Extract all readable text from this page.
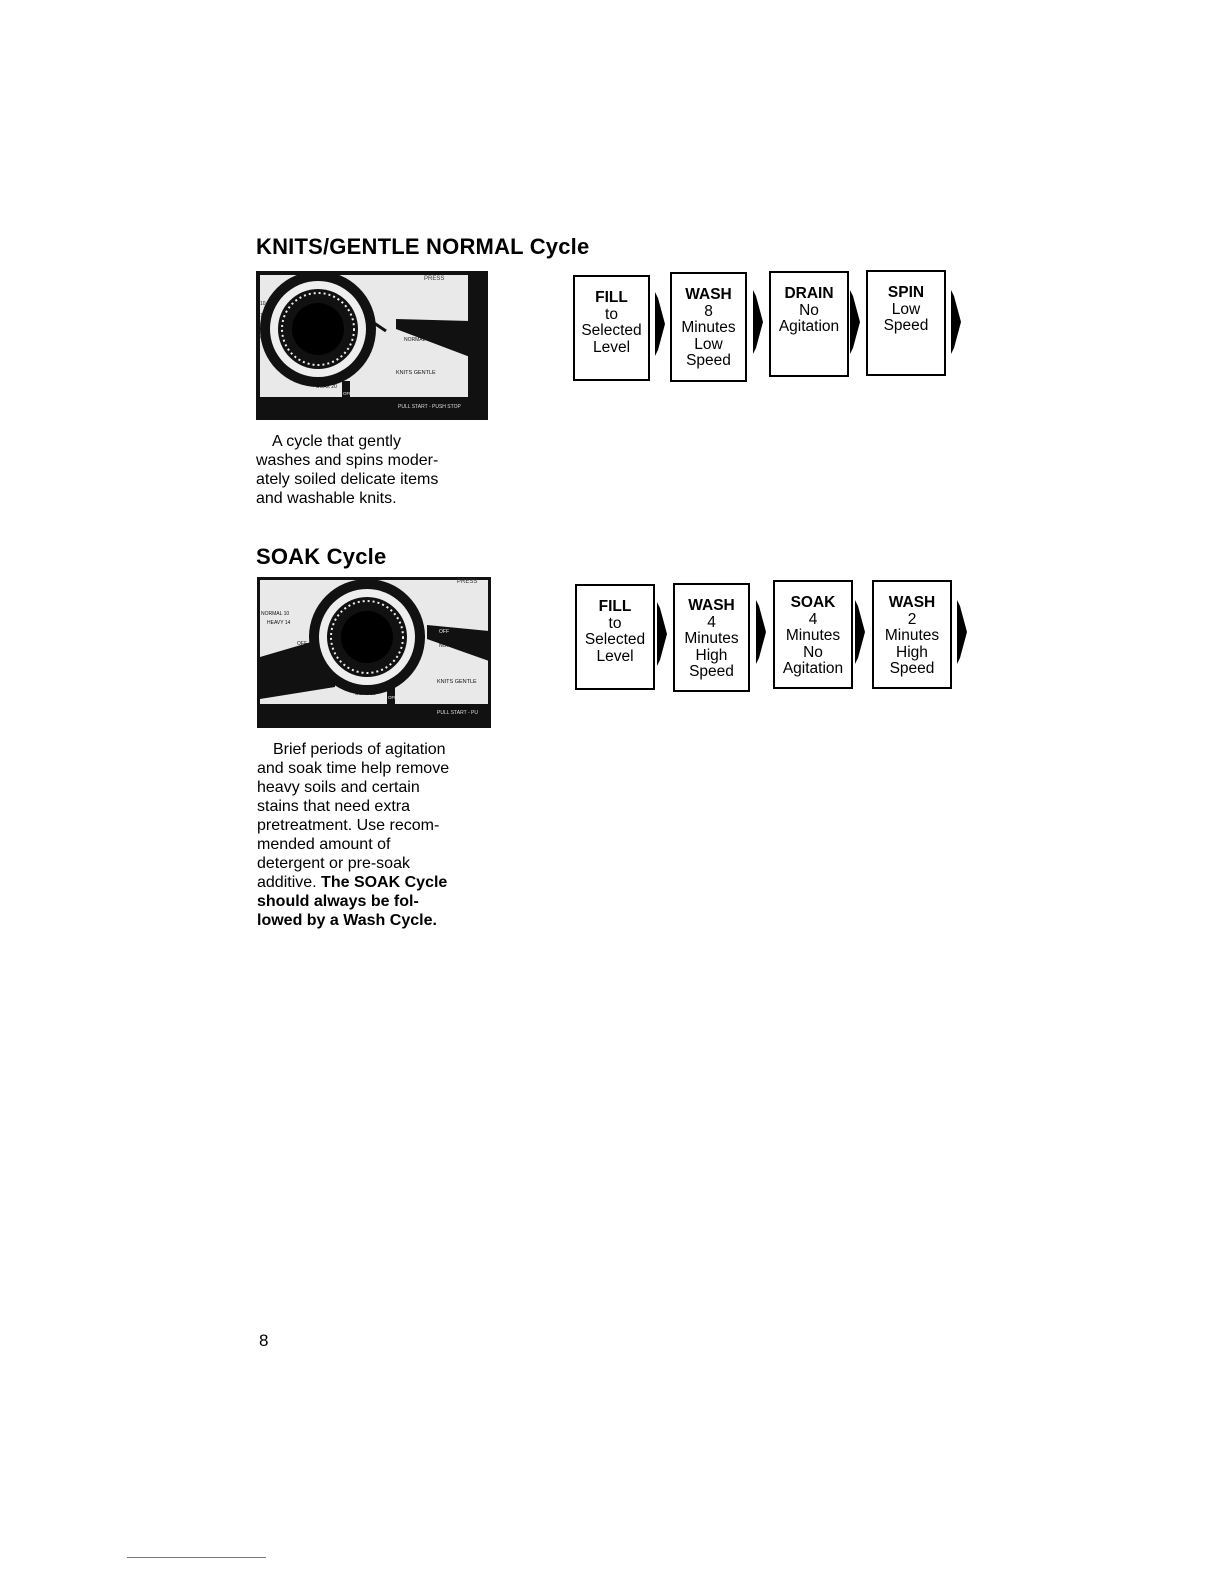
KNITS/GENTLE NORMAL Cycle
PRESS
10
14
OFF	NORMAL
KNITS GENTLE
SOAK 20
OFF
PULL START - PUSH STOP

A cycle that gently
washes and spins moder-
ately soiled delicate items
and washable knits.

FILL
to
Selected
Level
WASH
8
Minutes
Low
Speed
DRAIN
No
Agitation
SPIN
Low
Speed
SOAK Cycle
PRESS
NORMAL 10
HEAVY 14
OFF
OFF
NORMAL
KNITS GENTLE
SOAK 20
OFF
PULL START - PU

Brief periods of agitation
and soak time help remove
heavy soils and certain
stains that need extra
pretreatment. Use recom-
mended amount of
detergent or pre-soak
additive. The SOAK Cycle
should always be fol-
lowed by a Wash Cycle.

FILL
to
Selected
Level
WASH
4
Minutes
High
Speed
SOAK
4
Minutes
No
Agitation
WASH
2
Minutes
High
Speed
8
